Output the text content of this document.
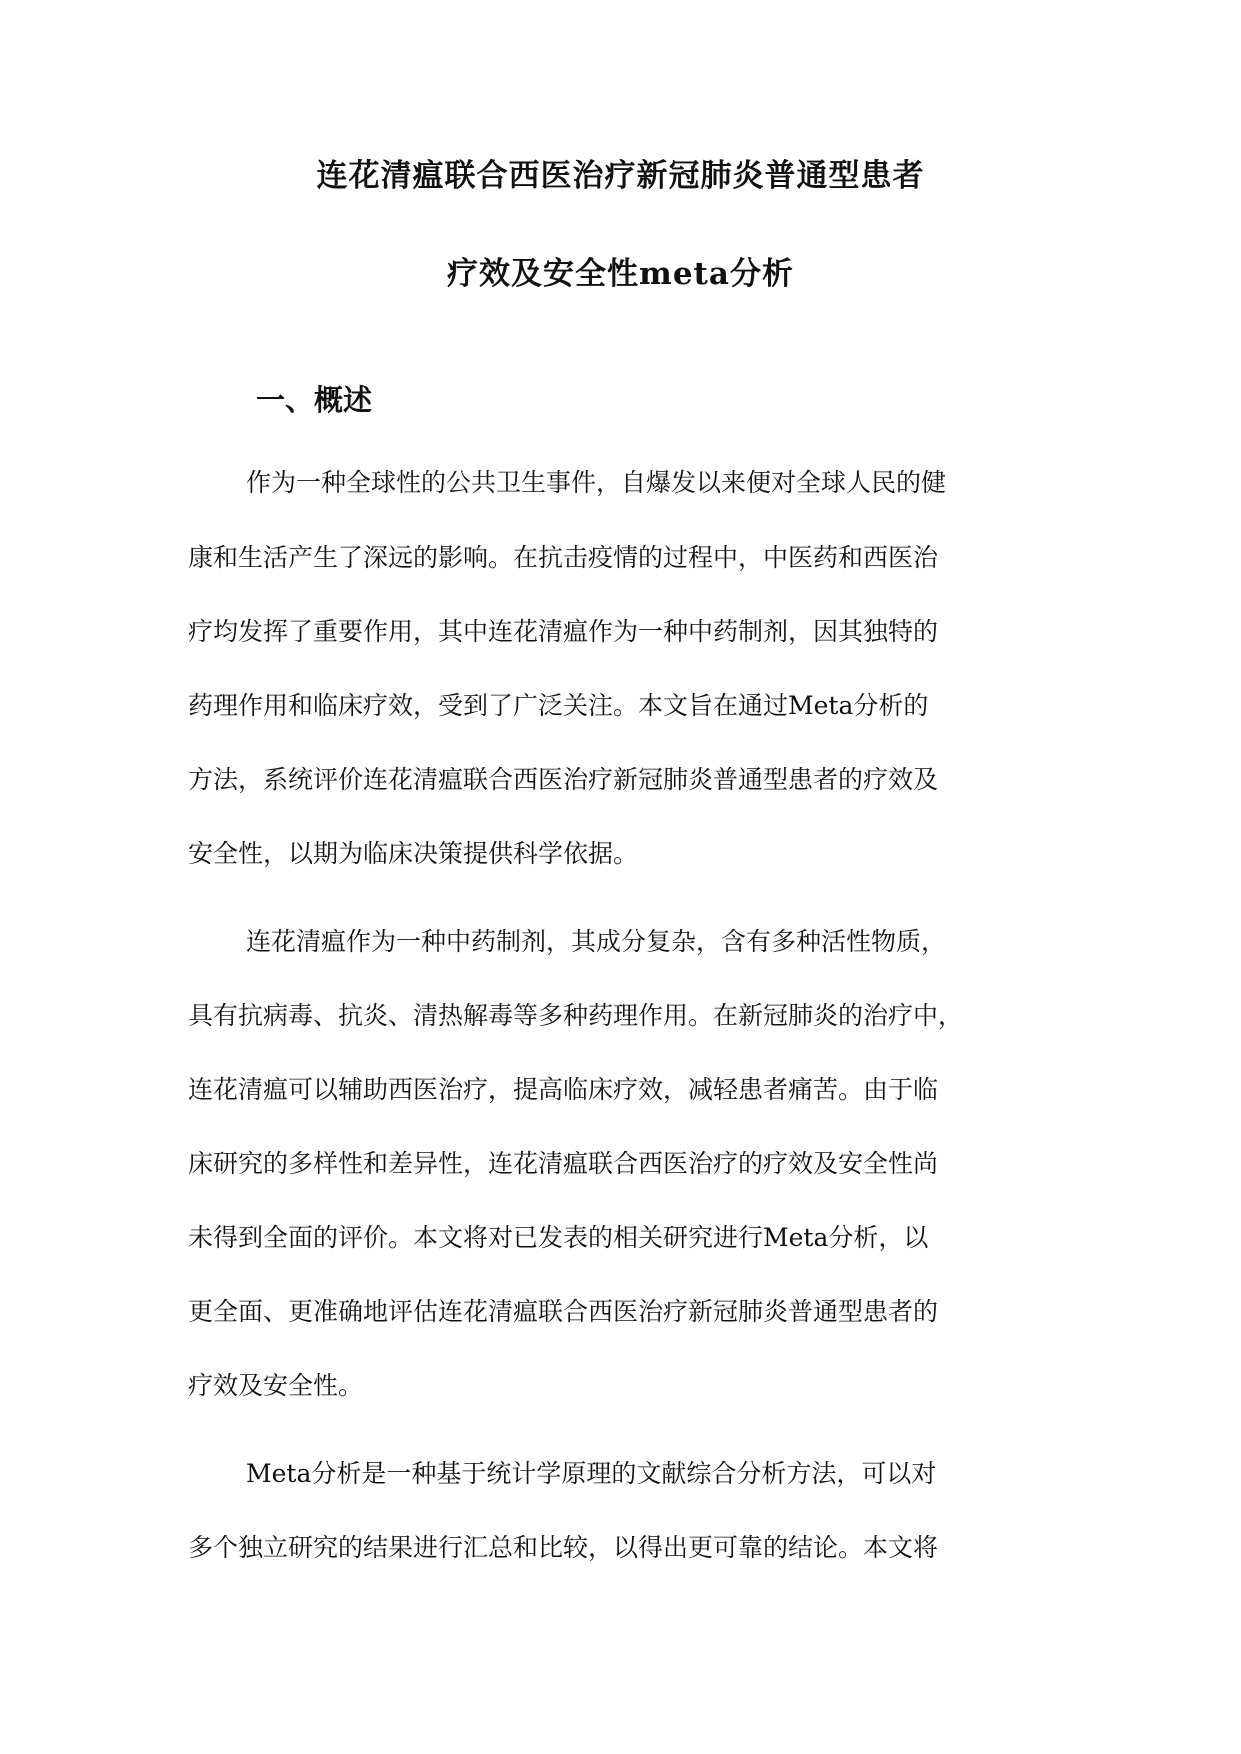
连花清瘟联合西医治疗新冠肺炎普通型患者
疗效及安全性meta分析
一、概述
作为一种全球性的公共卫生事件，自爆发以来便对全球人民的健
康和生活产生了深远的影响。在抗击疫情的过程中，中医药和西医治
疗均发挥了重要作用，其中连花清瘟作为一种中药制剂，因其独特的
药理作用和临床疗效，受到了广泛关注。本文旨在通过Meta分析的
方法，系统评价连花清瘟联合西医治疗新冠肺炎普通型患者的疗效及
安全性，以期为临床决策提供科学依据。
连花清瘟作为一种中药制剂，其成分复杂，含有多种活性物质，
具有抗病毒、抗炎、清热解毒等多种药理作用。在新冠肺炎的治疗中，
连花清瘟可以辅助西医治疗，提高临床疗效，减轻患者痛苦。由于临
床研究的多样性和差异性，连花清瘟联合西医治疗的疗效及安全性尚
未得到全面的评价。本文将对已发表的相关研究进行Meta分析，以
更全面、更准确地评估连花清瘟联合西医治疗新冠肺炎普通型患者的
疗效及安全性。
Meta分析是一种基于统计学原理的文献综合分析方法，可以对
多个独立研究的结果进行汇总和比较，以得出更可靠的结论。本文将
